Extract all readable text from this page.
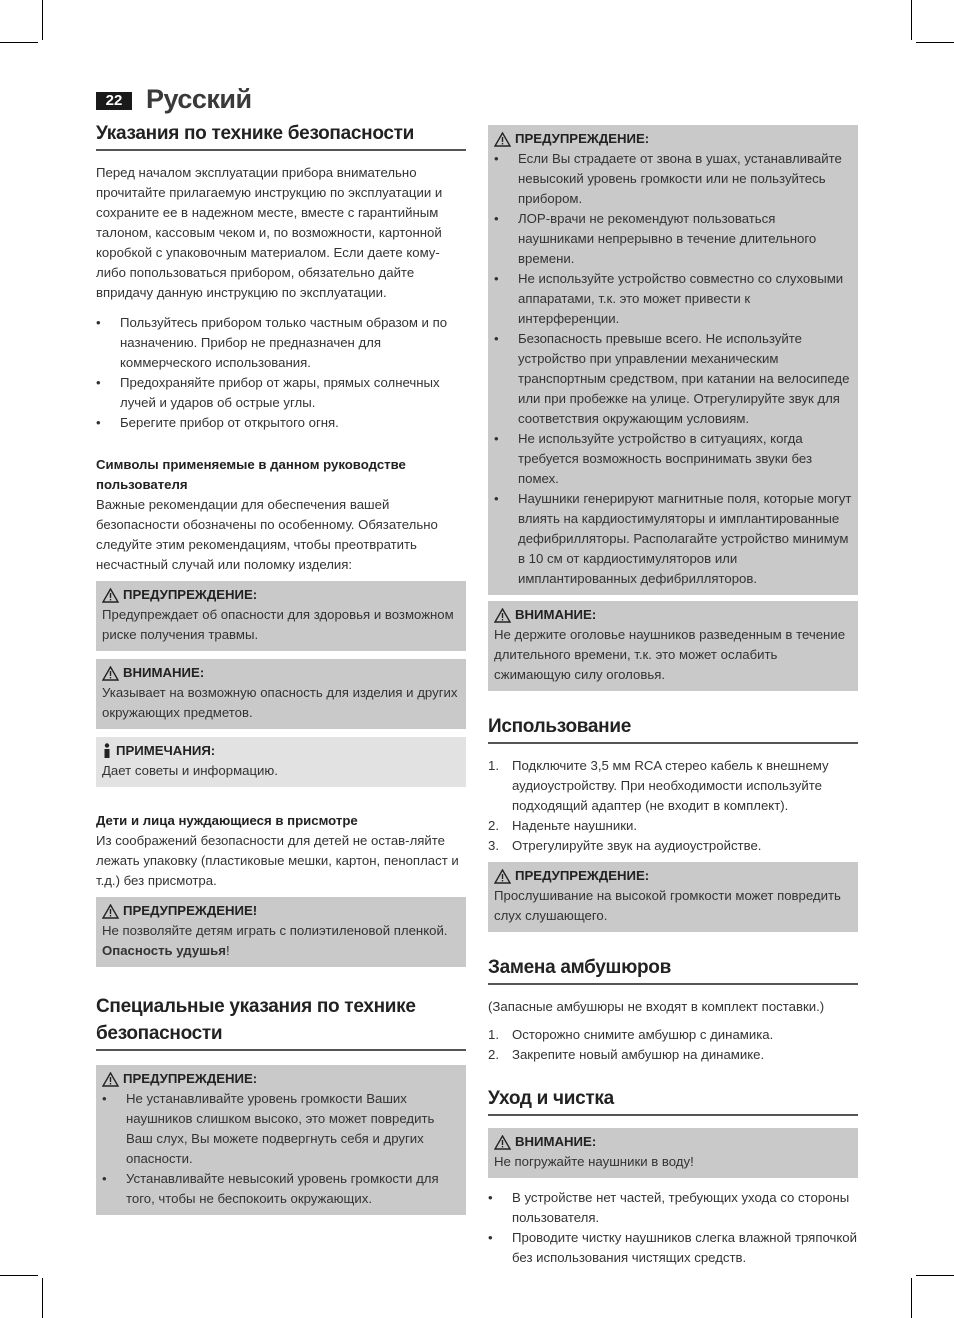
22 Русский
Указания по технике безопасности

Перед началом эксплуатации прибора внимательно прочитайте прилагаемую инструкцию по эксплуатации и сохраните ее в надежном месте, вместе с гарантийным талоном, кассовым чеком и, по возможности, картонной коробкой с упаковочным материалом. Если даете кому-либо попользоваться прибором, обязательно дайте впридачу данную инструкцию по эксплуатации.

• Пользуйтесь прибором только частным образом и по назначению. Прибор не предназначен для коммерческого использования.
• Предохраняйте прибор от жары, прямых солнечных лучей и ударов об острые углы.
• Берегите прибор от открытого огня.

Символы применяемые в данном руководстве пользователя

Важные рекомендации для обеспечения вашей безопасности обозначены по особенному. Обязательно следуйте этим рекомендациям, чтобы преотвратить несчастный случай или поломку изделия:

ПРЕДУПРЕЖДЕНИЕ:

Предупреждает об опасности для здоровья и возможном риске получения травмы.

ВНИМАНИЕ:

Указывает на возможную опасность для изделия и других окружающих предметов.

ПРИМЕЧАНИЯ:

Дает советы и информацию.

Дети и лица нуждающиеся в присмотре

Из соображений безопасности для детей не остав-ляйте лежать упаковку (пластиковые мешки, картон, пенопласт и т.д.) без присмотра.

ПРЕДУПРЕЖДЕНИЕ!

Не позволяйте детям играть с полиэтиленовой пленкой. Опасность удушья!

Специальные указания по технике безопасности
ПРЕДУПРЕЖДЕНИЕ:
• Не устанавливайте уровень громкости Ваших наушников слишком высоко, это может повредить Ваш слух, Вы можете подвергнуть себя и других опасности.
• Устанавливайте невысокий уровень громкости для того, чтобы не беспокоить окружающих.
ПРЕДУПРЕЖДЕНИЕ:
• Если Вы страдаете от звона в ушах, устанавливайте невысокий уровень громкости или не пользуйтесь прибором.
• ЛОР-врачи не рекомендуют пользоваться наушниками непрерывно в течение длительного времени.
• Не используйте устройство совместно со слуховыми аппаратами, т.к. это может привести к интерференции.
• Безопасность превыше всего. Не используйте устройство при управлении механическим транспортным средством, при катании на велосипеде или при пробежке на улице. Отрегулируйте звук для соответствия окружающим условиям.
• Не используйте устройство в ситуациях, когда требуется возможность воспринимать звуки без помех.
• Наушники генерируют магнитные поля, которые могут влиять на кардиостимуляторы и имплантированные дефибрилляторы. Располагайте устройство минимум в 10 см от кардиостимуляторов или имплантированных дефибрилляторов.
ВНИМАНИЕ:

Не держите оголовье наушников разведенным в течение длительного времени, т.к. это может ослабить сжимающую силу оголовья.

Использование
1. Подключите 3,5 мм RCA стерео кабель к внешнему аудиоустройству. При необходимости используйте подходящий адаптер (не входит в комплект).
2. Наденьте наушники.
3. Отрегулируйте звук на аудиоустройстве.
ПРЕДУПРЕЖДЕНИЕ:

Прослушивание на высокой громкости может повредить слух слушающего.

Замена амбушюров

(Запасные амбушюры не входят в комплект поставки.)

1. Осторожно снимите амбушюр с динамика.
2. Закрепите новый амбушюр на динамике.
Уход и чистка
ВНИМАНИЕ:

Не погружайте наушники в воду!

• В устройстве нет частей, требующих ухода со стороны пользователя.
• Проводите чистку наушников слегка влажной тряпочкой без использования чистящих средств.
